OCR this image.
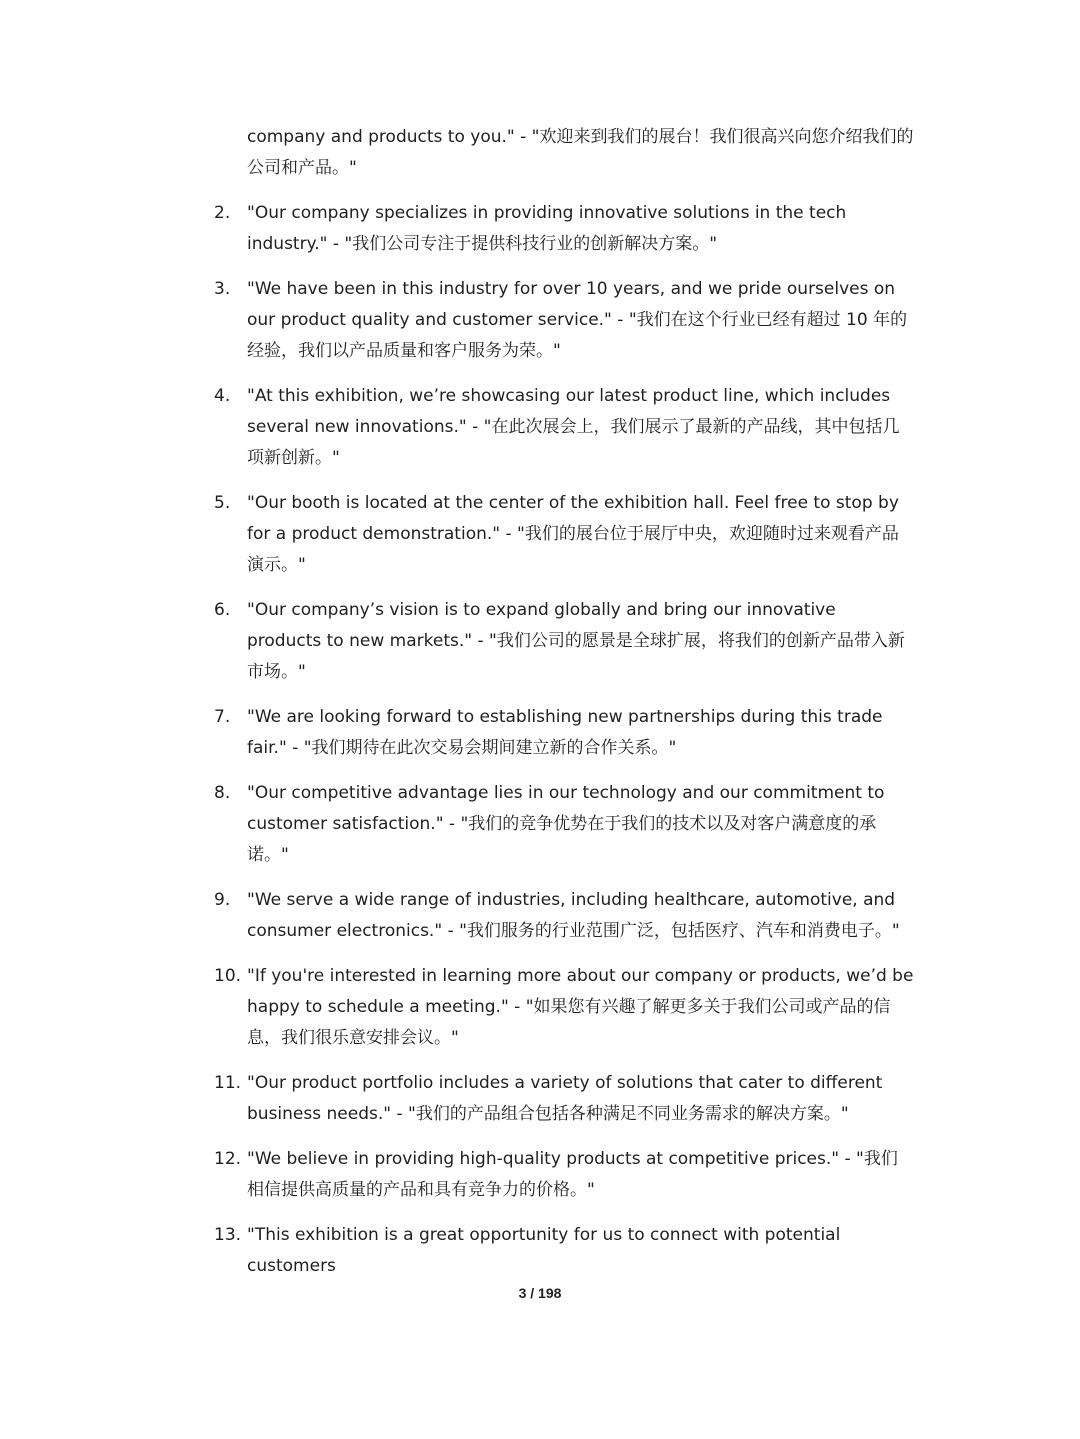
company and products to you." - "欢迎来到我们的展台！我们很高兴向您介绍我们的公司和产品。"

2. "Our company specializes in providing innovative solutions in the tech industry." - "我们公司专注于提供科技行业的创新解决方案。"
3. "We have been in this industry for over 10 years, and we pride ourselves on our product quality and customer service." - "我们在这个行业已经有超过 10 年的经验，我们以产品质量和客户服务为荣。"
4. "At this exhibition, we’re showcasing our latest product line, which includes several new innovations." - "在此次展会上，我们展示了最新的产品线，其中包括几项新创新。"
5. "Our booth is located at the center of the exhibition hall. Feel free to stop by for a product demonstration." - "我们的展台位于展厅中央，欢迎随时过来观看产品演示。"
6. "Our company’s vision is to expand globally and bring our innovative products to new markets." - "我们公司的愿景是全球扩展，将我们的创新产品带入新市场。"
7. "We are looking forward to establishing new partnerships during this trade fair." - "我们期待在此次交易会期间建立新的合作关系。"
8. "Our competitive advantage lies in our technology and our commitment to customer satisfaction." - "我们的竞争优势在于我们的技术以及对客户满意度的承诺。"
9. "We serve a wide range of industries, including healthcare, automotive, and consumer electronics." - "我们服务的行业范围广泛，包括医疗、汽车和消费电子。"
10. "If you're interested in learning more about our company or products, we’d be happy to schedule a meeting." - "如果您有兴趣了解更多关于我们公司或产品的信息，我们很乐意安排会议。"
11. "Our product portfolio includes a variety of solutions that cater to different business needs." - "我们的产品组合包括各种满足不同业务需求的解决方案。"
12. "We believe in providing high-quality products at competitive prices." - "我们相信提供高质量的产品和具有竞争力的价格。"
13. "This exhibition is a great opportunity for us to connect with potential customers
3 / 198
